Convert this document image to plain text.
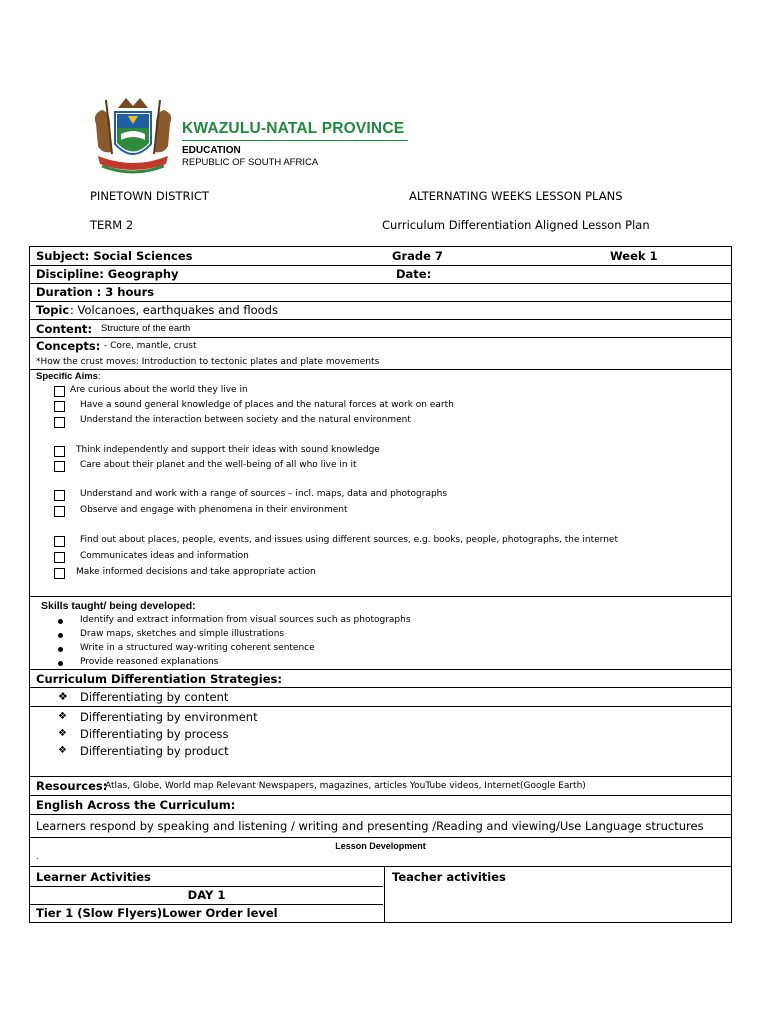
KWAZULU-NATAL PROVINCE
EDUCATION
REPUBLIC OF SOUTH AFRICA
PINETOWN DISTRICT	ALTERNATING WEEKS LESSON PLANS
TERM 2	Curriculum Differentiation Aligned Lesson Plan
Subject: Social Sciences	Grade 7	Week 1
Discipline: Geography	Date:
Duration : 3 hours
Topic : Volcanoes, earthquakes and floods
Content: Structure of the earth
Concepts: - Core, mantle, crust
*How the crust moves: Introduction to tectonic plates and plate movements
Specific Aims:
Are curious about the world they live in
Have a sound general knowledge of places and the natural forces at work on earth
Understand the interaction between society and the natural environment
Think independently and support their ideas with sound knowledge
Care about their planet and the well-being of all who live in it
Understand and work with a range of sources – incl. maps, data and photographs
Observe and engage with phenomena in their environment
Find out about places, people, events, and issues using different sources, e.g. books, people, photographs, the internet
Communicates ideas and information
Make informed decisions and take appropriate action
Skills taught/ being developed:
Identify and extract information from visual sources such as photographs
Draw maps, sketches and simple illustrations
Write in a structured way-writing coherent sentence
Provide reasoned explanations
Curriculum Differentiation Strategies:
❖ Differentiating by content
❖ Differentiating by environment
❖ Differentiating by process
❖ Differentiating by product
Resources:
Atlas, Globe, World map Relevant Newspapers, magazines, articles YouTube videos, Internet(Google Earth)
English Across the Curriculum:
Learners respond by speaking and listening / writing and presenting /Reading and viewing/Use Language structures
Lesson Development
.
Learner Activities	Teacher activities
DAY 1
Tier 1 (Slow Flyers)Lower Order level
